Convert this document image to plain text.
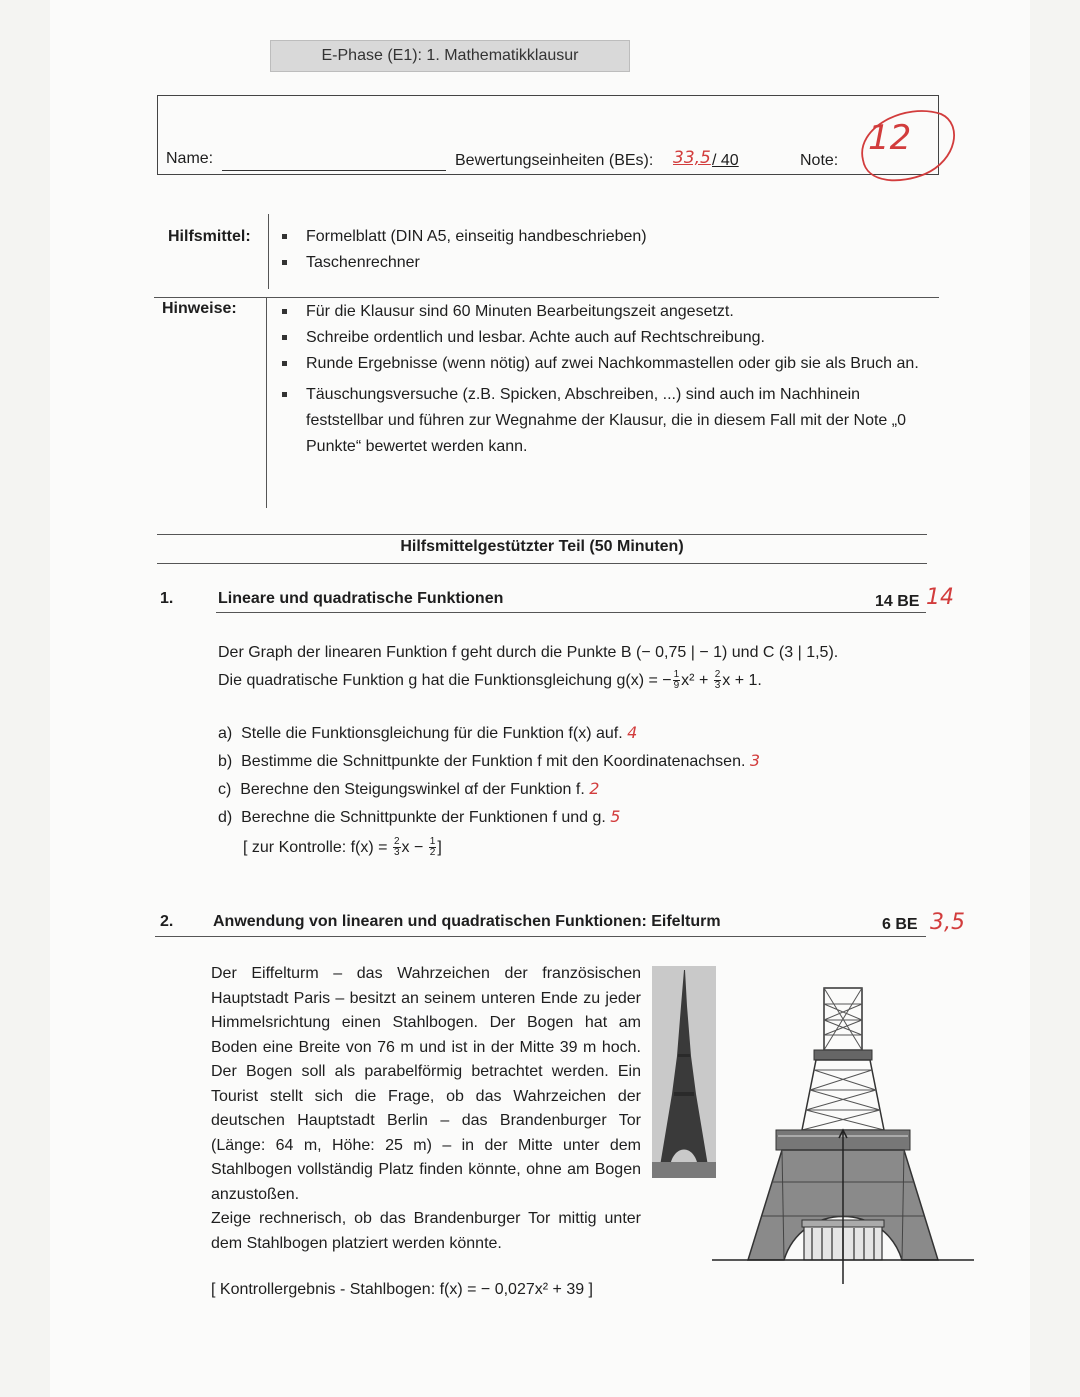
E-Phase (E1): 1. Mathematikklausur
Name:	Bewertungseinheiten (BEs): 33,5 / 40	Note:
12
Hilfsmittel:	Formelblatt (DIN A5, einseitig handbeschrieben)
Taschenrechner
Hinweise:	Für die Klausur sind 60 Minuten Bearbeitungszeit angesetzt.
Schreibe ordentlich und lesbar. Achte auch auf Rechtschreibung.
Runde Ergebnisse (wenn nötig) auf zwei Nachkommastellen oder gib sie als Bruch an.
Täuschungsversuche (z.B. Spicken, Abschreiben, ...) sind auch im Nachhinein feststellbar und führen zur Wegnahme der Klausur, die in diesem Fall mit der Note „0 Punkte“ bewertet werden kann.
Hilfsmittelgestützter Teil (50 Minuten)
1.	Lineare und quadratische Funktionen	14 BE 14
Der Graph der linearen Funktion f geht durch die Punkte B (− 0,75 | − 1) und C (3 | 1,5).
Die quadratische Funktion g hat die Funktionsgleichung g(x) = − $\frac{1}{9} x^2 + \frac{2}{3}$ x + 1.
a) Stelle die Funktionsgleichung für die Funktion f(x) auf. 4
b) Bestimme die Schnittpunkte der Funktion f mit den Koordinatenachsen. 3
c) Berechne den Steigungswinkel αf der Funktion f. 2
d) Berechne die Schnittpunkte der Funktionen f und g. 5
[ zur Kontrolle: $f(x) = \frac{2}{3}$ $x - \frac{1}{2}$ ]
2. Anwendung von linearen und quadratischen Funktionen: Eifelturm	6 BE 3,5
Der Eiffelturm – das Wahrzeichen der französischen Hauptstadt Paris – besitzt an seinem unteren Ende zu jeder Himmelsrichtung einen Stahlbogen. Der Bogen hat am Boden eine Breite von 76 m und ist in der Mitte 39 m hoch. Der Bogen soll als parabelförmig betrachtet werden. Ein Tourist stellt sich die Frage, ob das Wahrzeichen der deutschen Hauptstadt Berlin – das Brandenburger Tor (Länge: 64 m, Höhe: 25 m) – in der Mitte unter dem Stahlbogen vollständig Platz finden könnte, ohne am Bogen anzustoßen.
Zeige rechnerisch, ob das Brandenburger Tor mittig unter dem Stahlbogen platziert werden könnte.
[ Kontrollergebnis - Stahlbogen: f(x) = − 0,027x² + 39 ]
